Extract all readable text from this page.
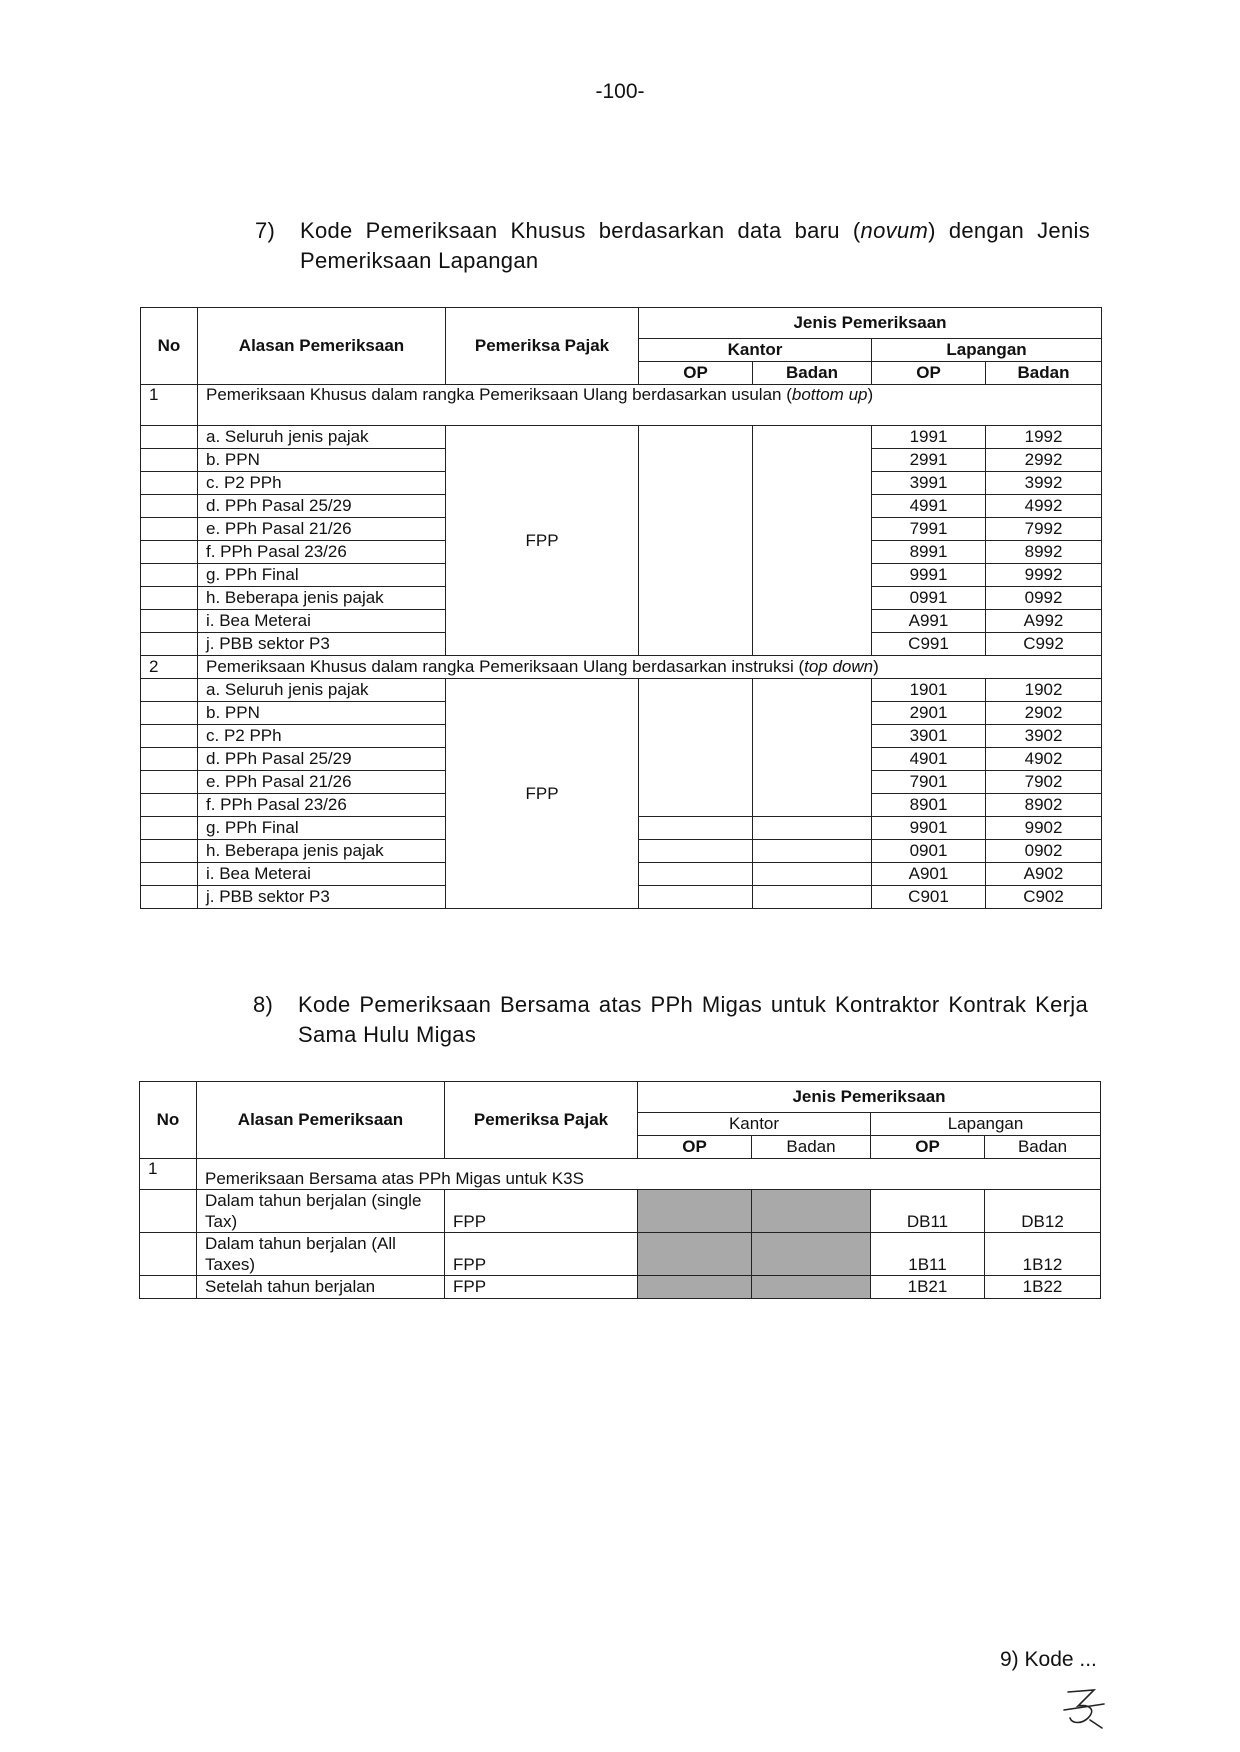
-100-
7) Kode Pemeriksaan Khusus berdasarkan data baru (novum) dengan Jenis Pemeriksaan Lapangan
No	Alasan Pemeriksaan	Pemeriksa Pajak	Jenis Pemeriksaan			
			Kantor		Lapangan	
			OP	Badan	OP	Badan
1	Pemeriksaan Khusus dalam rangka Pemeriksaan Ulang berdasarkan usulan (bottom up)					
	a. Seluruh jenis pajak	FPP			1991	1992
	b. PPN				2991	2992
	c. P2 PPh				3991	3992
	d. PPh Pasal 25/29				4991	4992
	e. PPh Pasal 21/26				7991	7992
	f. PPh Pasal 23/26				8991	8992
	g. PPh Final				9991	9992
	h. Beberapa jenis pajak				0991	0992
	i. Bea Meterai				A991	A992
	j. PBB sektor P3				C991	C992
2	Pemeriksaan Khusus dalam rangka Pemeriksaan Ulang berdasarkan instruksi (top down)					
	a. Seluruh jenis pajak	FPP			1901	1902
	b. PPN				2901	2902
	c. P2 PPh				3901	3902
	d. PPh Pasal 25/29				4901	4902
	e. PPh Pasal 21/26				7901	7902
	f. PPh Pasal 23/26				8901	8902
	g. PPh Final				9901	9902
	h. Beberapa jenis pajak				0901	0902
	i. Bea Meterai				A901	A902
	j. PBB sektor P3				C901	C902
8) Kode Pemeriksaan Bersama atas PPh Migas untuk Kontraktor Kontrak Kerja Sama Hulu Migas
No	Alasan Pemeriksaan	Pemeriksa Pajak	Jenis Pemeriksaan			
			Kantor		Lapangan	
			OP	Badan	OP	Badan
1	Pemeriksaan Bersama atas PPh Migas untuk K3S					
	Dalam tahun berjalan (single Tax)	FPP			DB11	DB12
	Dalam tahun berjalan (All Taxes)	FPP			1B11	1B12
	Setelah tahun berjalan	FPP			1B21	1B22
9) Kode ...
